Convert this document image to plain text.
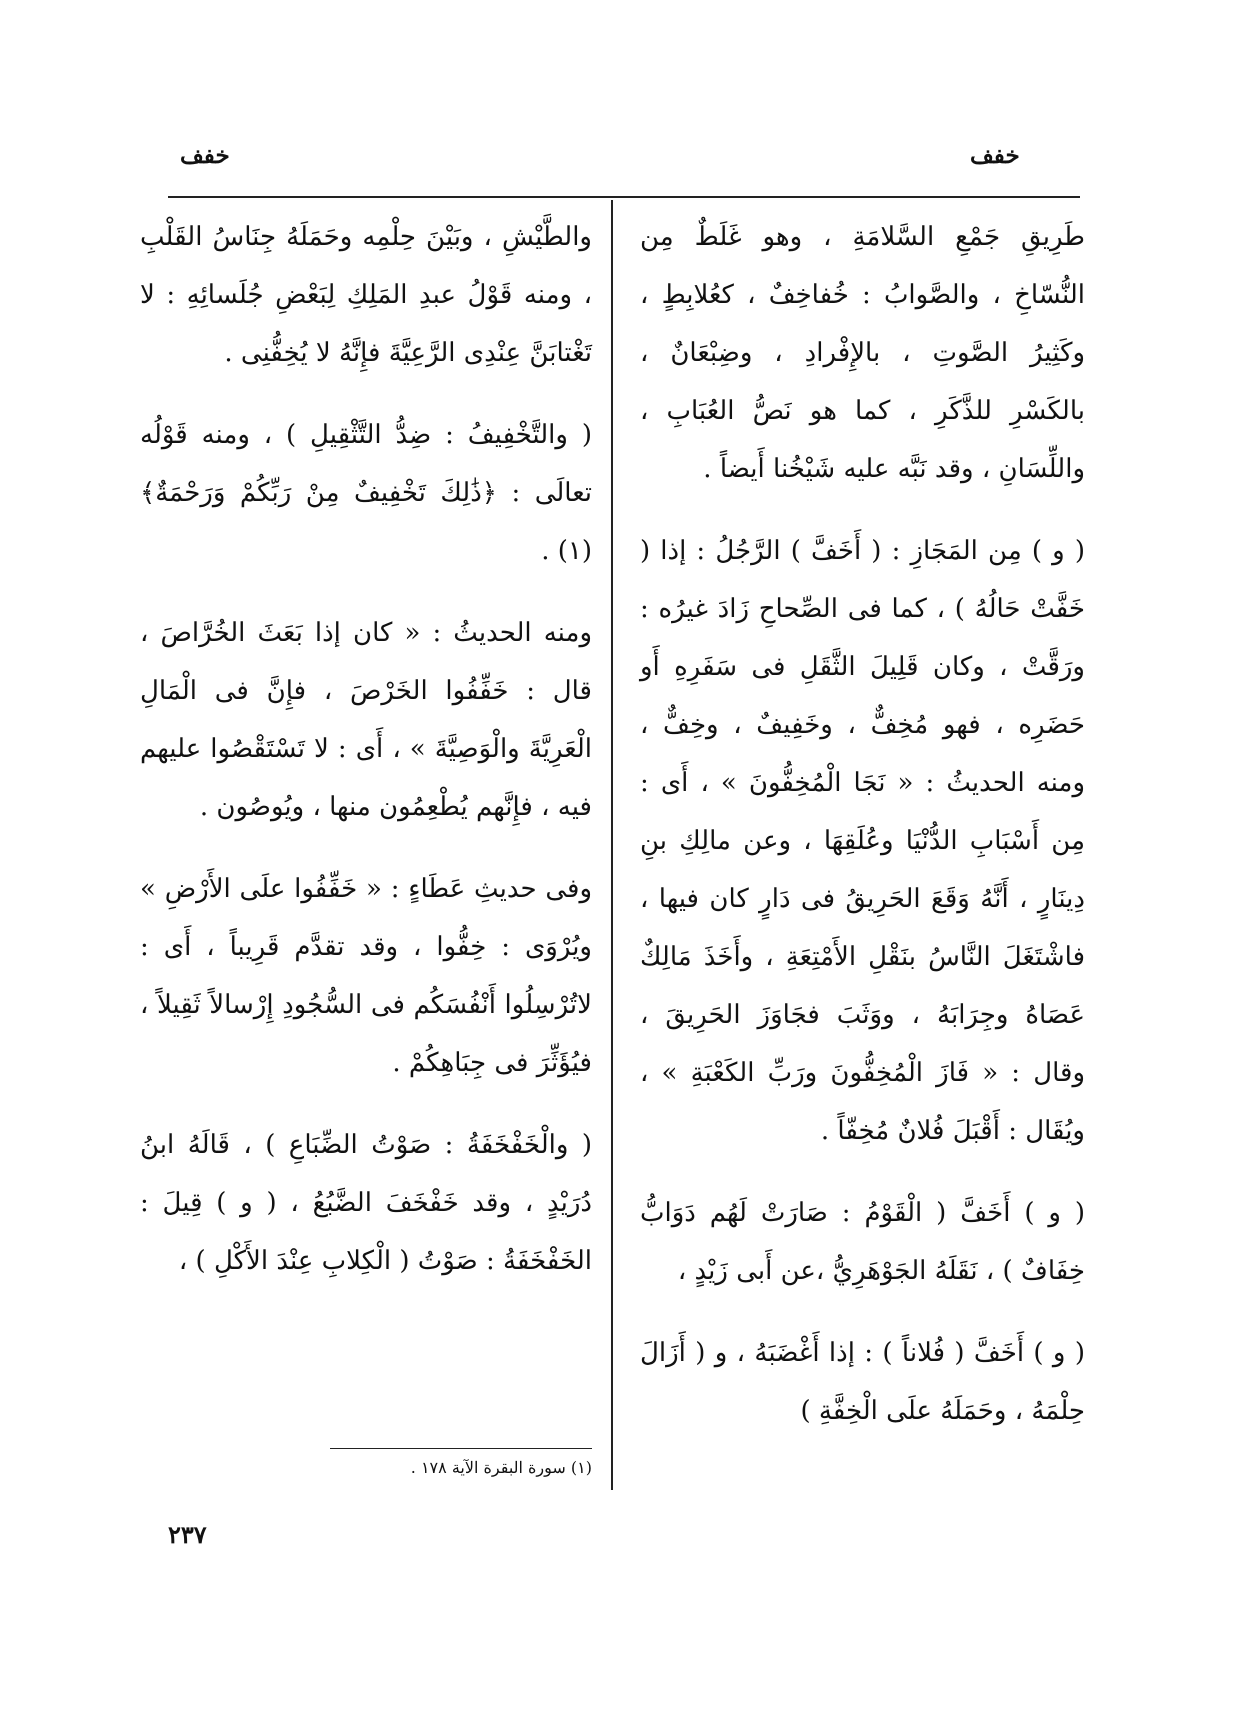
خفف
خفف

طَرِيقِ جَمْعِ السَّلامَةِ ، وهو غَلَطٌ مِن النُّسّاخِ ، والصَّوابُ : خُفاخِفٌ ، كعُلابِطٍ ، وكَثِيرُ الصَّوتِ ، بالإِفْرادِ ، وضِبْعَانٌ ، بالكَسْرِ للذَّكَرِ ، كما هو نَصُّ العُبَابِ ، واللِّسَانِ ، وقد نَبَّه عليه شَيْخُنا أَيضاً .

( و ) مِن المَجَازِ : ( أَخَفَّ ) الرَّجُلُ : إذا ( خَفَّتْ حَالُهُ ) ، كما فى الصِّحاحِ زَادَ غيرُه : ورَقَّتْ ، وكان قَلِيلَ الثَّقَلِ فى سَفَرِهِ أَو حَضَرِه ، فهو مُخِفٌّ ، وخَفِيفٌ ، وخِفٌّ ، ومنه الحديثُ : « نَجَا الْمُخِفُّونَ » ، أَى : مِن أَسْبَابِ الدُّنْيَا وعُلَقِهَا ، وعن مالِكِ بنِ دِينَارٍ ، أَنَّهُ وَقَعَ الحَرِيقُ فى دَارٍ كان فيها ، فاشْتَغَلَ النَّاسُ بنَقْلِ الأَمْتِعَةِ ، وأَخَذَ مَالِكٌ عَصَاهُ وجِرَابَهُ ، ووَثَبَ فجَاوَزَ الحَرِيقَ ، وقال : « فَازَ الْمُخِفُّونَ ورَبِّ الكَعْبَةِ » ، ويُقَال : أَقْبَلَ فُلانٌ مُخِفّاً .

( و ) أَخَفَّ ( الْقَوْمُ : صَارَتْ لَهُم دَوَابُّ خِفَافٌ ) ، نَقَلَهُ الجَوْهَرِيُّ ،عن أَبى زَيْدٍ ،

( و ) أَخَفَّ ( فُلاناً ) : إذا أَغْضَبَهُ ، و ( أَزَالَ حِلْمَهُ ، وحَمَلَهُ علَى الْخِفَّةِ )

والطَّيْشِ ، وبَيْنَ حِلْمِه وحَمَلَهُ جِنَاسُ القَلْبِ ، ومنه قَوْلُ عبدِ المَلِكِ لِبَعْضِ جُلَسائِهِ : لا تَغْتابَنَّ عِنْدِى الرَّعِيَّةَ فإِنَّهُ لا يُخِفُّنِى .

( والتَّخْفِيفُ : ضِدُّ التَّثْقِيلِ ) ، ومنه قَوْلُه تعالَى : ﴿ذَٰلِكَ تَخْفِيفٌ مِنْ رَبِّكُمْ وَرَحْمَةٌ﴾ (١) .

ومنه الحديثُ : « كان إذا بَعَثَ الخُرَّاصَ ، قال : خَفِّفُوا الخَرْصَ ، فإِنَّ فى الْمَالِ الْعَرِيَّةَ والْوَصِيَّةَ » ، أَى : لا تَسْتَقْصُوا عليهم فيه ، فإِنَّهم يُطْعِمُون منها ، ويُوصُون .

وفى حديثِ عَطَاءٍ : « خَفِّفُوا علَى الأَرْضِ » ويُرْوَى : خِفُّوا ، وقد تقدَّم قَرِيباً ، أَى : لاتُرْسِلُوا أَنْفُسَكُم فى السُّجُودِ إِرْسالاً ثَقِيلاً ، فيُؤَثِّرَ فى جِبَاهِكُمْ .

( والْخَفْخَفَةُ : صَوْتُ الضِّبَاعِ ) ، قَالَهُ ابنُ دُرَيْدٍ ، وقد خَفْخَفَ الضَّبُعُ ، ( و ) قِيلَ : الخَفْخَفَةُ : صَوْتُ ( الْكِلابِ عِنْدَ الأَكْلِ ) ،

(١) سورة البقرة الآية ١٧٨ .
٢٣٧
